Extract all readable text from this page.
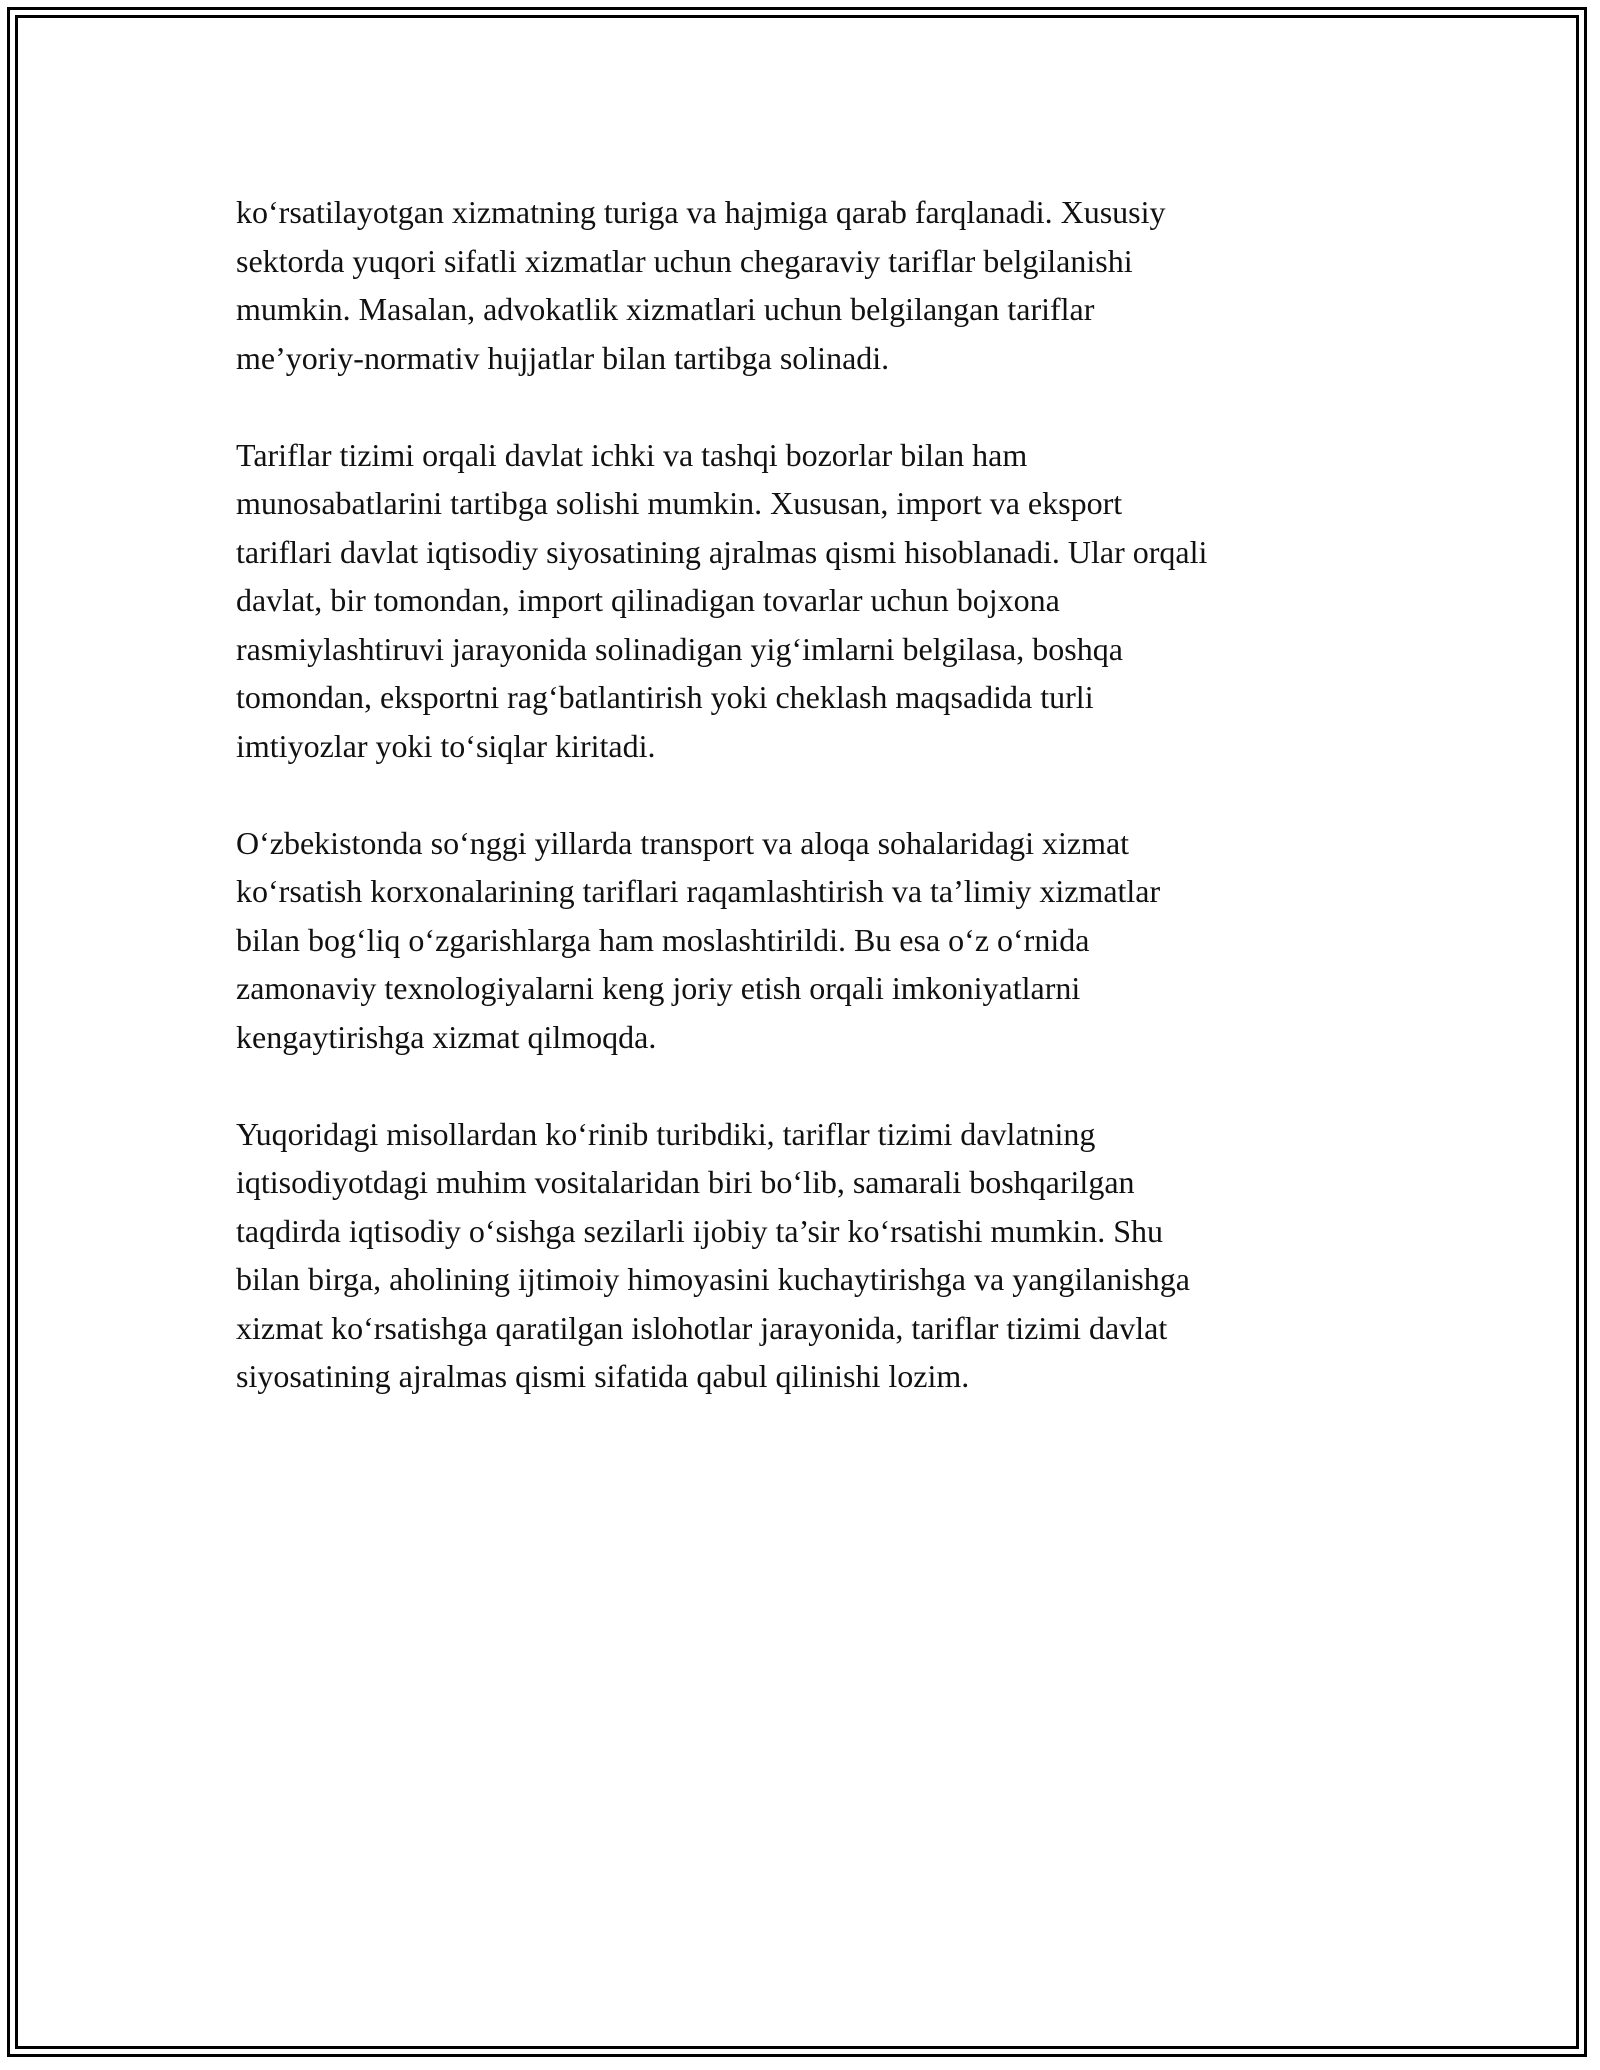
ko‘rsatilayotgan xizmatning turiga va hajmiga qarab farqlanadi. Xususiy
sektorda yuqori sifatli xizmatlar uchun chegaraviy tariflar belgilanishi
mumkin. Masalan, advokatlik xizmatlari uchun belgilangan tariflar
me’yoriy-normativ hujjatlar bilan tartibga solinadi.

Tariflar tizimi orqali davlat ichki va tashqi bozorlar bilan ham
munosabatlarini tartibga solishi mumkin. Xususan, import va eksport
tariflari davlat iqtisodiy siyosatining ajralmas qismi hisoblanadi. Ular orqali
davlat, bir tomondan, import qilinadigan tovarlar uchun bojxona
rasmiylashtiruvi jarayonida solinadigan yig‘imlarni belgilasa, boshqa
tomondan, eksportni rag‘batlantirish yoki cheklash maqsadida turli
imtiyozlar yoki to‘siqlar kiritadi.

O‘zbekistonda so‘nggi yillarda transport va aloqa sohalaridagi xizmat
ko‘rsatish korxonalarining tariflari raqamlashtirish va ta’limiy xizmatlar
bilan bog‘liq o‘zgarishlarga ham moslashtirildi. Bu esa o‘z o‘rnida
zamonaviy texnologiyalarni keng joriy etish orqali imkoniyatlarni
kengaytirishga xizmat qilmoqda.

Yuqoridagi misollardan ko‘rinib turibdiki, tariflar tizimi davlatning
iqtisodiyotdagi muhim vositalaridan biri bo‘lib, samarali boshqarilgan
taqdirda iqtisodiy o‘sishga sezilarli ijobiy ta’sir ko‘rsatishi mumkin. Shu
bilan birga, aholining ijtimoiy himoyasini kuchaytirishga va yangilanishga
xizmat ko‘rsatishga qaratilgan islohotlar jarayonida, tariflar tizimi davlat
siyosatining ajralmas qismi sifatida qabul qilinishi lozim.
